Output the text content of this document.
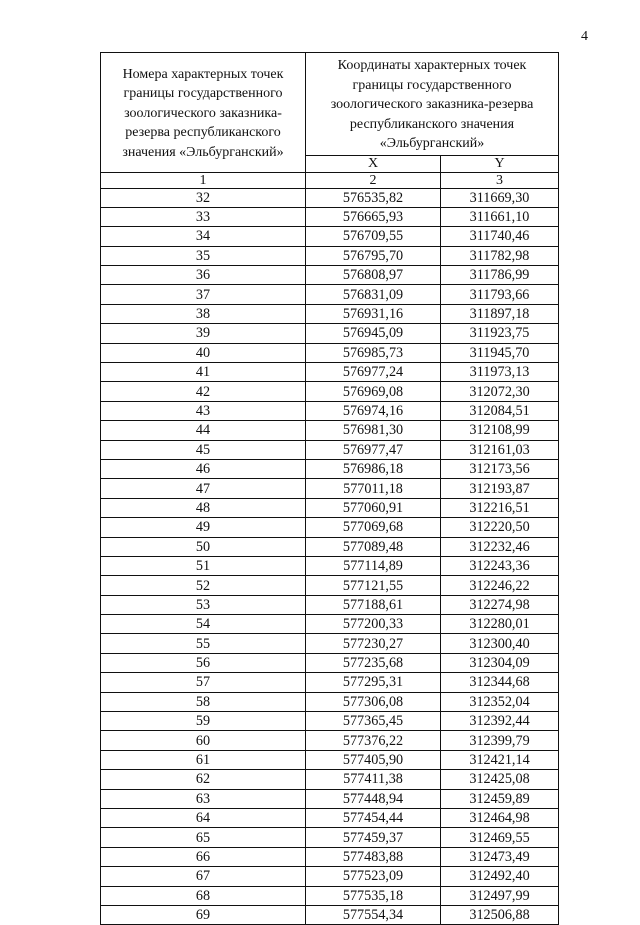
4
Номера характерных точек границы государственного зоологического заказника-резерва республиканского значения «Эльбурганский»	Координаты характерных точек границы государственного зоологического заказника-резерва республиканского значения «Эльбурганский»	
	X	Y
1	2	3
32	576535,82	311669,30
33	576665,93	311661,10
34	576709,55	311740,46
35	576795,70	311782,98
36	576808,97	311786,99
37	576831,09	311793,66
38	576931,16	311897,18
39	576945,09	311923,75
40	576985,73	311945,70
41	576977,24	311973,13
42	576969,08	312072,30
43	576974,16	312084,51
44	576981,30	312108,99
45	576977,47	312161,03
46	576986,18	312173,56
47	577011,18	312193,87
48	577060,91	312216,51
49	577069,68	312220,50
50	577089,48	312232,46
51	577114,89	312243,36
52	577121,55	312246,22
53	577188,61	312274,98
54	577200,33	312280,01
55	577230,27	312300,40
56	577235,68	312304,09
57	577295,31	312344,68
58	577306,08	312352,04
59	577365,45	312392,44
60	577376,22	312399,79
61	577405,90	312421,14
62	577411,38	312425,08
63	577448,94	312459,89
64	577454,44	312464,98
65	577459,37	312469,55
66	577483,88	312473,49
67	577523,09	312492,40
68	577535,18	312497,99
69	577554,34	312506,88
